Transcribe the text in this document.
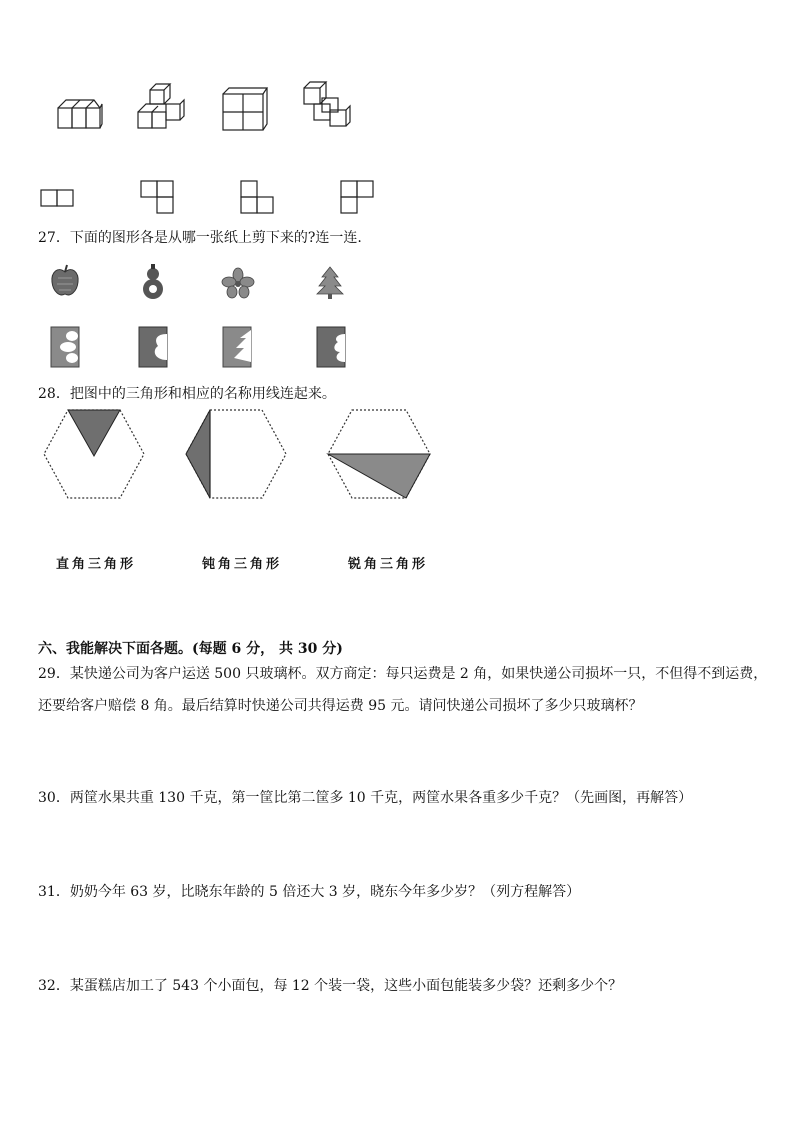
27．下面的图形各是从哪一张纸上剪下来的?连一连.
28．把图中的三角形和相应的名称用线连起来。
直角三角形	钝角三角形	锐角三角形
六、我能解决下面各题。(每题 6 分， 共 30 分)
29．某快递公司为客户运送 500 只玻璃杯。双方商定：每只运费是 2 角，如果快递公司损坏一只，不但得不到运费，
还要给客户赔偿 8 角。最后结算时快递公司共得运费 95 元。请问快递公司损坏了多少只玻璃杯？
30．两筐水果共重 130 千克，第一筐比第二筐多 10 千克，两筐水果各重多少千克？（先画图，再解答）
31．奶奶今年 63 岁，比晓东年龄的 5 倍还大 3 岁，晓东今年多少岁？（列方程解答）
32．某蛋糕店加工了 543 个小面包，每 12 个装一袋，这些小面包能装多少袋？还剩多少个？
